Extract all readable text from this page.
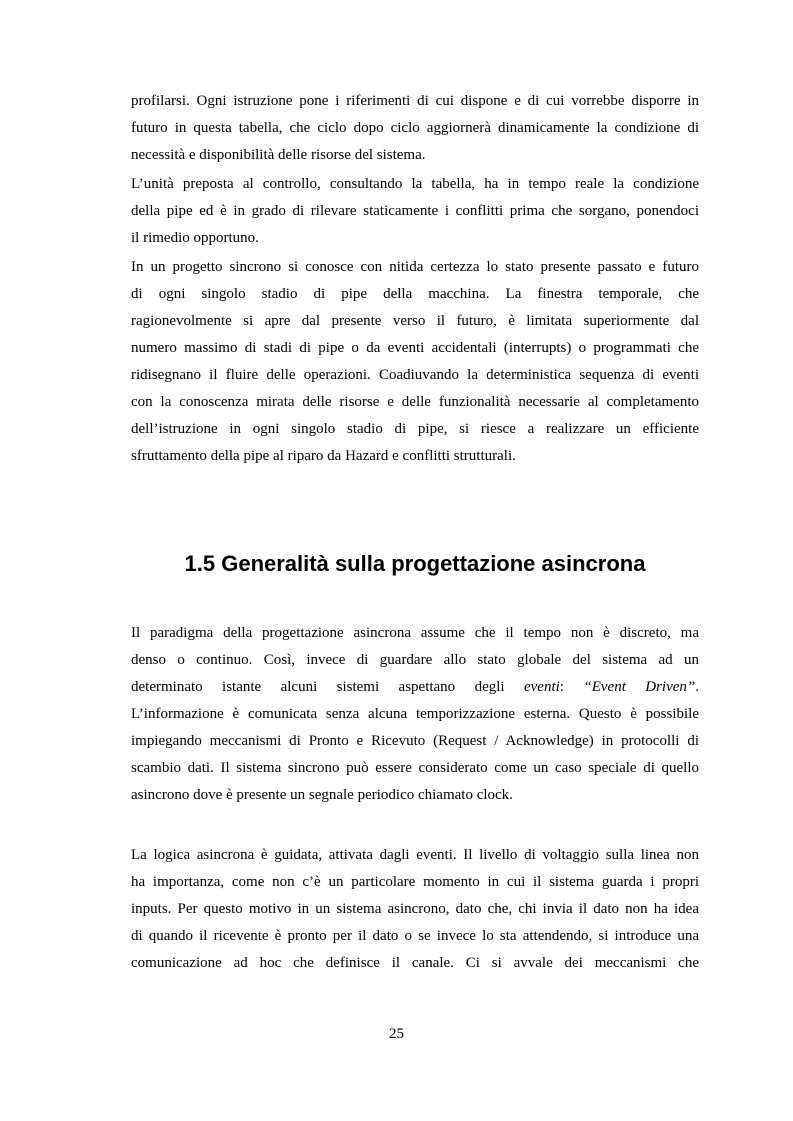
profilarsi. Ogni istruzione pone i riferimenti di cui dispone e di cui vorrebbe disporre in
futuro in questa tabella, che ciclo dopo ciclo aggiornerà dinamicamente la condizione di
necessità e disponibilità delle risorse del sistema.
L’unità preposta al controllo, consultando la tabella, ha in tempo reale la condizione
della pipe ed è in grado di rilevare staticamente i conflitti prima che sorgano, ponendoci
il rimedio opportuno.
In un progetto sincrono si conosce con nitida certezza lo stato presente passato e futuro
di ogni singolo stadio di pipe della macchina. La finestra temporale, che
ragionevolmente si apre dal presente verso il futuro, è limitata superiormente dal
numero massimo di stadi di pipe o da eventi accidentali (interrupts) o programmati che
ridisegnano il fluire delle operazioni. Coadiuvando la deterministica sequenza di eventi
con la conoscenza mirata delle risorse e delle funzionalità necessarie al completamento
dell’istruzione in ogni singolo stadio di pipe, si riesce a realizzare un efficiente
sfruttamento della pipe al riparo da Hazard e conflitti strutturali.
1.5 Generalità sulla progettazione asincrona
Il paradigma della progettazione asincrona assume che il tempo non è discreto, ma
denso o continuo. Così, invece di guardare allo stato globale del sistema ad un
determinato istante alcuni sistemi aspettano degli eventi: “Event Driven”.
L’informazione è comunicata senza alcuna temporizzazione esterna. Questo è possibile
impiegando meccanismi di Pronto e Ricevuto (Request / Acknowledge) in protocolli di
scambio dati. Il sistema sincrono può essere considerato come un caso speciale di quello
asincrono dove è presente un segnale periodico chiamato clock.
La logica asincrona è guidata, attivata dagli eventi. Il livello di voltaggio sulla linea non
ha importanza, come non c’è un particolare momento in cui il sistema guarda i propri
inputs. Per questo motivo in un sistema asincrono, dato che, chi invia il dato non ha idea
di quando il ricevente è pronto per il dato o se invece lo sta attendendo, si introduce una
comunicazione ad hoc che definisce il canale. Ci si avvale dei meccanismi che
25
